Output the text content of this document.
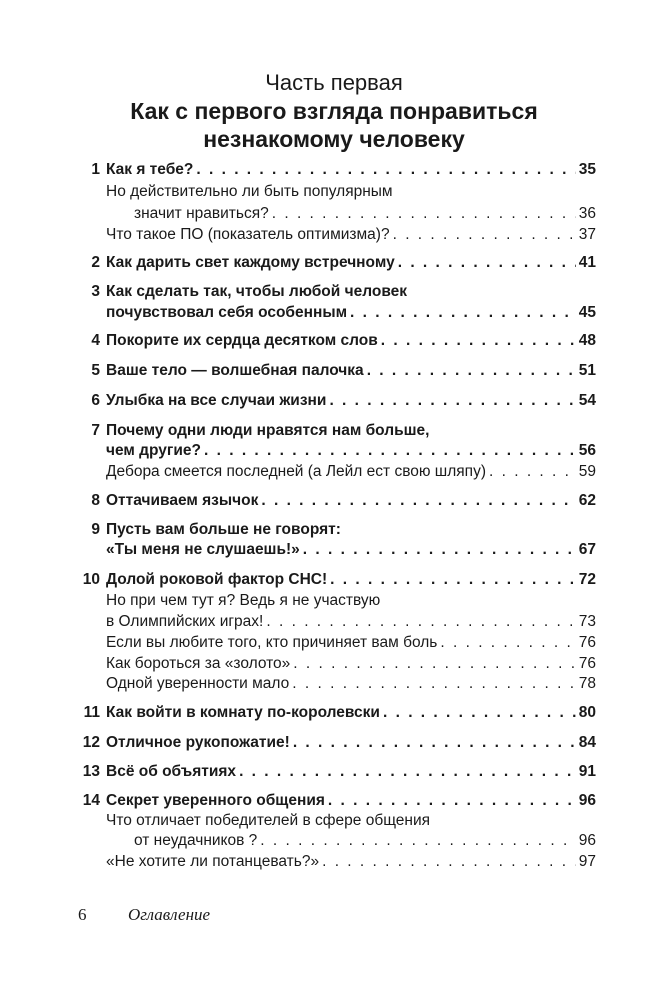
Часть первая
Как с первого взгляда понравиться
незнакомому человеку
1 Как я тебе? . . .	35
Но действительно ли быть популярным
значит нравиться? . . .	36
Что такое ПО (показатель оптимизма)? . . .	37
2 Как дарить свет каждому встречному . . .	41
3 Как сделать так, чтобы любой человек
почувствовал себя особенным . . .	45
4 Покорите их сердца десятком слов . . .	48
5 Ваше тело — волшебная палочка . . .	51
6 Улыбка на все случаи жизни . . .	54
7 Почему одни люди нравятся нам больше,
чем другие? . . .	56
Дебора смеется последней (а Лейл ест свою шляпу) . . .	59
8 Оттачиваем язычок . . .	62
9 Пусть вам больше не говорят:
«Ты меня не слушаешь!» . . .	67
10 Долой роковой фактор СНС! . . .	72
Но при чем тут я? Ведь я не участвую
в Олимпийских играх! . . .	73
Если вы любите того, кто причиняет вам боль . . .	76
Как бороться за «золото» . . .	76
Одной уверенности мало . . .	78
11 Как войти в комнату по-королевски . . .	80
12 Отличное рукопожатие! . . .	84
13 Всё об объятиях . . .	91
14 Секрет уверенного общения . . .	96
Что отличает победителей в сфере общения
от неудачников ? . . .	96
«Не хотите ли потанцевать?» . . .	97
6 Оглавление
